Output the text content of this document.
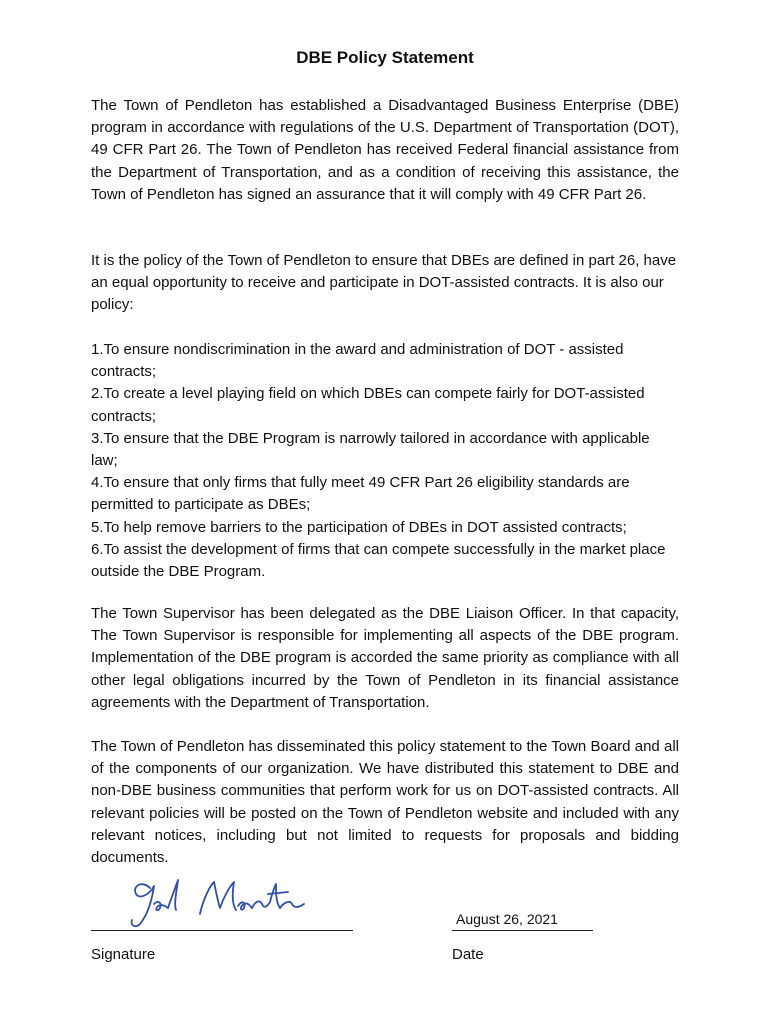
DBE Policy Statement

The Town of Pendleton has established a Disadvantaged Business Enterprise (DBE) program in accordance with regulations of the U.S. Department of Transportation (DOT), 49 CFR Part 26. The Town of Pendleton has received Federal financial assistance from the Department of Transportation, and as a condition of receiving this assistance, the Town of Pendleton has signed an assurance that it will comply with 49 CFR Part 26.

It is the policy of the Town of Pendleton to ensure that DBEs are defined in part 26, have an equal opportunity to receive and participate in DOT-assisted contracts. It is also our policy:

1.To ensure nondiscrimination in the award and administration of DOT - assisted contracts;
2.To create a level playing field on which DBEs can compete fairly for DOT-assisted contracts;
3.To ensure that the DBE Program is narrowly tailored in accordance with applicable law;
4.To ensure that only firms that fully meet 49 CFR Part 26 eligibility standards are permitted to participate as DBEs;
5.To help remove barriers to the participation of DBEs in DOT assisted contracts;
6.To assist the development of firms that can compete successfully in the market place outside the DBE Program.

The Town Supervisor has been delegated as the DBE Liaison Officer. In that capacity, The Town Supervisor is responsible for implementing all aspects of the DBE program. Implementation of the DBE program is accorded the same priority as compliance with all other legal obligations incurred by the Town of Pendleton in its financial assistance agreements with the Department of Transportation.

The Town of Pendleton has disseminated this policy statement to the Town Board and all of the components of our organization. We have distributed this statement to DBE and non-DBE business communities that perform work for us on DOT-assisted contracts. All relevant policies will be posted on the Town of Pendleton website and included with any relevant notices, including but not limited to requests for proposals and bidding documents.

August 26, 2021
Signature	Date
